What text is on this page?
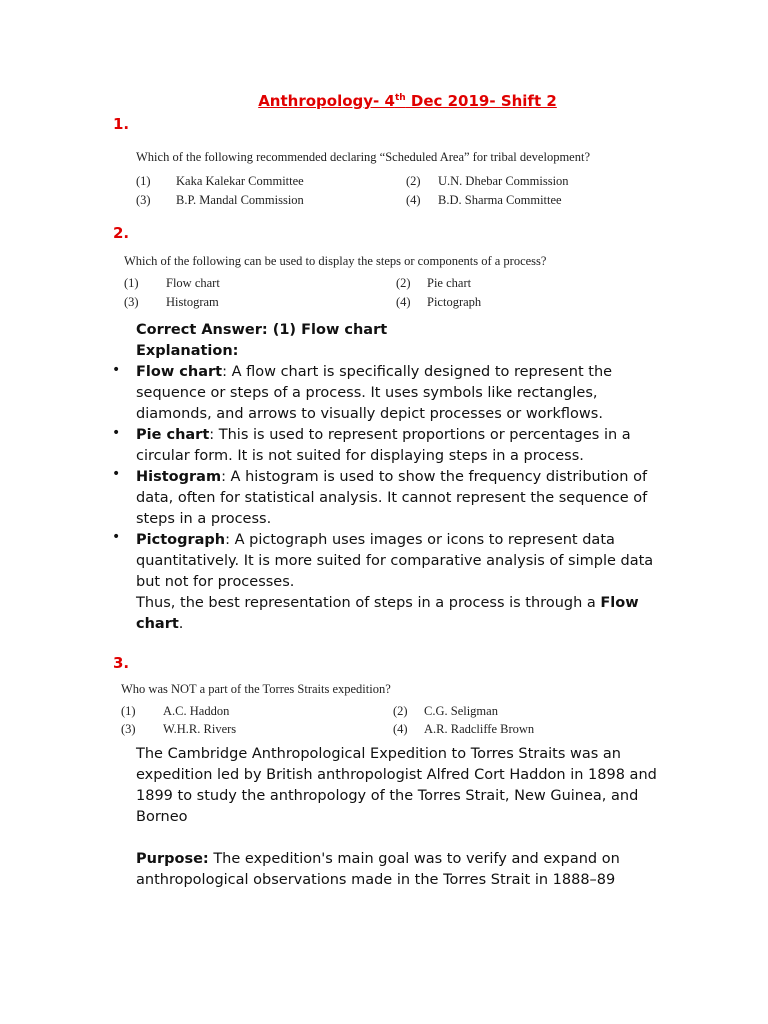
Anthropology- 4th Dec 2019- Shift 2
1.
Which of the following recommended declaring “Scheduled Area” for tribal development?
(1) Kaka Kalekar Committee	(2) U.N. Dhebar Commission
(3) B.P. Mandal Commission	(4) B.D. Sharma Committee
2.
Which of the following can be used to display the steps or components of a process?
(1) Flow chart	(2) Pie chart
(3) Histogram	(4) Pictograph
Correct Answer: (1) Flow chart
Explanation:
Flow chart: A flow chart is specifically designed to represent the
sequence or steps of a process. It uses symbols like rectangles,
diamonds, and arrows to visually depict processes or workflows.
Pie chart: This is used to represent proportions or percentages in a
circular form. It is not suited for displaying steps in a process.
Histogram: A histogram is used to show the frequency distribution of
data, often for statistical analysis. It cannot represent the sequence of
steps in a process.
Pictograph: A pictograph uses images or icons to represent data
quantitatively. It is more suited for comparative analysis of simple data
but not for processes.
Thus, the best representation of steps in a process is through a Flow
chart.
•
•
•
•
3.
Who was NOT a part of the Torres Straits expedition?
(1) A.C. Haddon	(2) C.G. Seligman
(3) W.H.R. Rivers	(4) A.R. Radcliffe Brown
The Cambridge Anthropological Expedition to Torres Straits was an
expedition led by British anthropologist Alfred Cort Haddon in 1898 and
1899 to study the anthropology of the Torres Strait, New Guinea, and
Borneo
Purpose: The expedition's main goal was to verify and expand on
anthropological observations made in the Torres Strait in 1888–89
